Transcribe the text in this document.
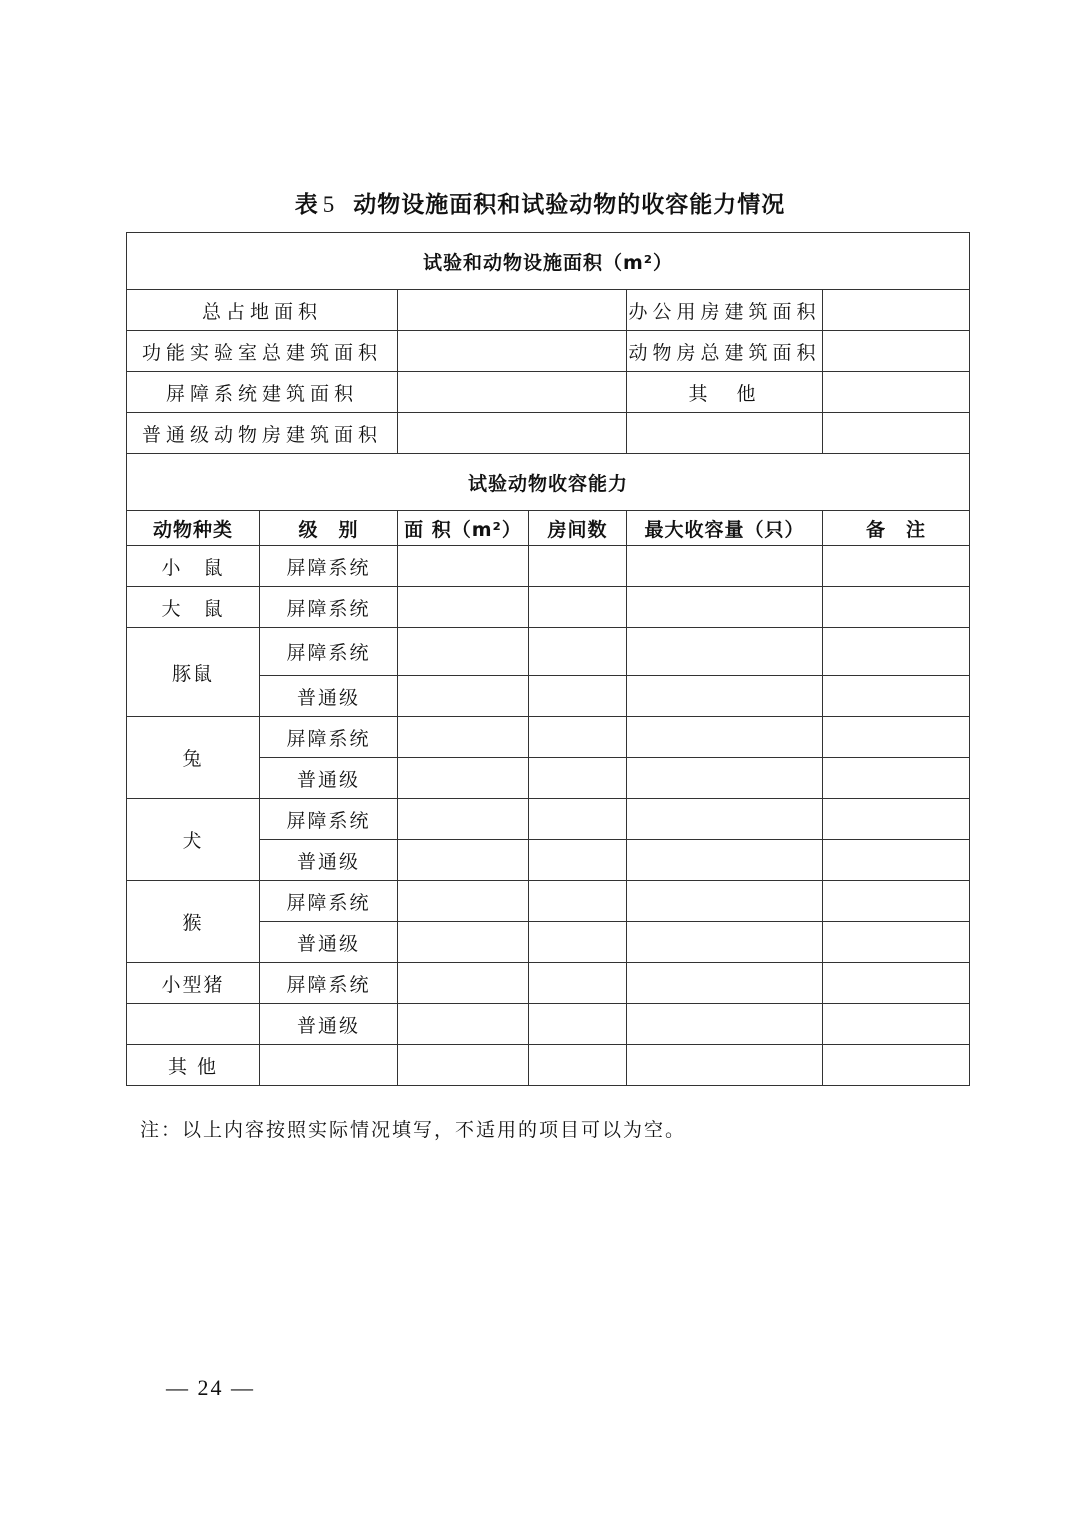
表 5 动物设施面积和试验动物的收容能力情况
试验和动物设施面积（m²）					
总占地面积				办公用房建筑面积	
功能实验室总建筑面积				动物房总建筑面积	
屏障系统建筑面积				其　他	
普通级动物房建筑面积					
试验动物收容能力					
动物种类	级　别	面 积（m²）	房间数	最大收容量（只）	备　注
小　鼠	屏障系统				
大　鼠	屏障系统				
豚鼠	屏障系统				
	普通级				
兔	屏障系统				
	普通级				
犬	屏障系统				
	普通级				
猴	屏障系统				
	普通级				
小型猪	屏障系统				
	普通级				
其 他					
注：以上内容按照实际情况填写，不适用的项目可以为空。
— 24 —
